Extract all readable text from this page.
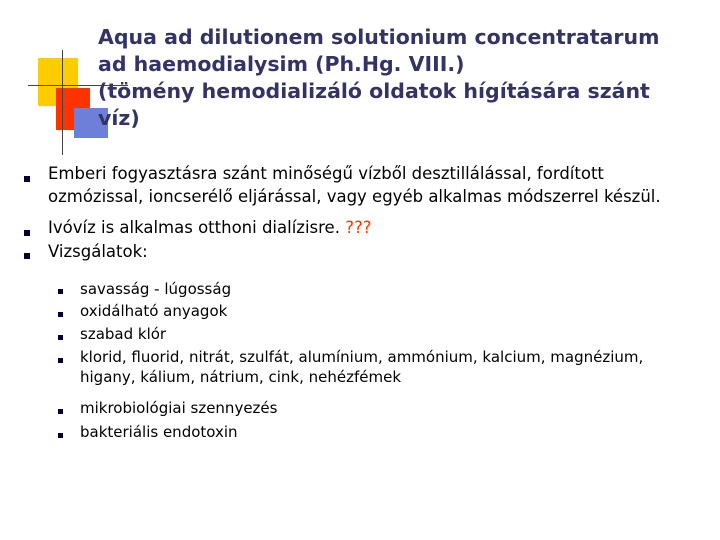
Aqua ad dilutionem solutionium concentratarum
ad haemodialysim (Ph.Hg. VIII.)
(tömény hemodializáló oldatok hígítására szánt
víz)
Emberi fogyasztásra szánt minőségű vízből desztillálással, fordított
ozmózissal, ioncserélő eljárással, vagy egyéb alkalmas módszerrel készül.
Ivóvíz is alkalmas otthoni dialízisre. ???
Vizsgálatok:
savasság - lúgosság
oxidálható anyagok
szabad klór
klorid, fluorid, nitrát, szulfát, alumínium, ammónium, kalcium, magnézium,
higany, kálium, nátrium, cink, nehézfémek
mikrobiológiai szennyezés
bakteriális endotoxin
